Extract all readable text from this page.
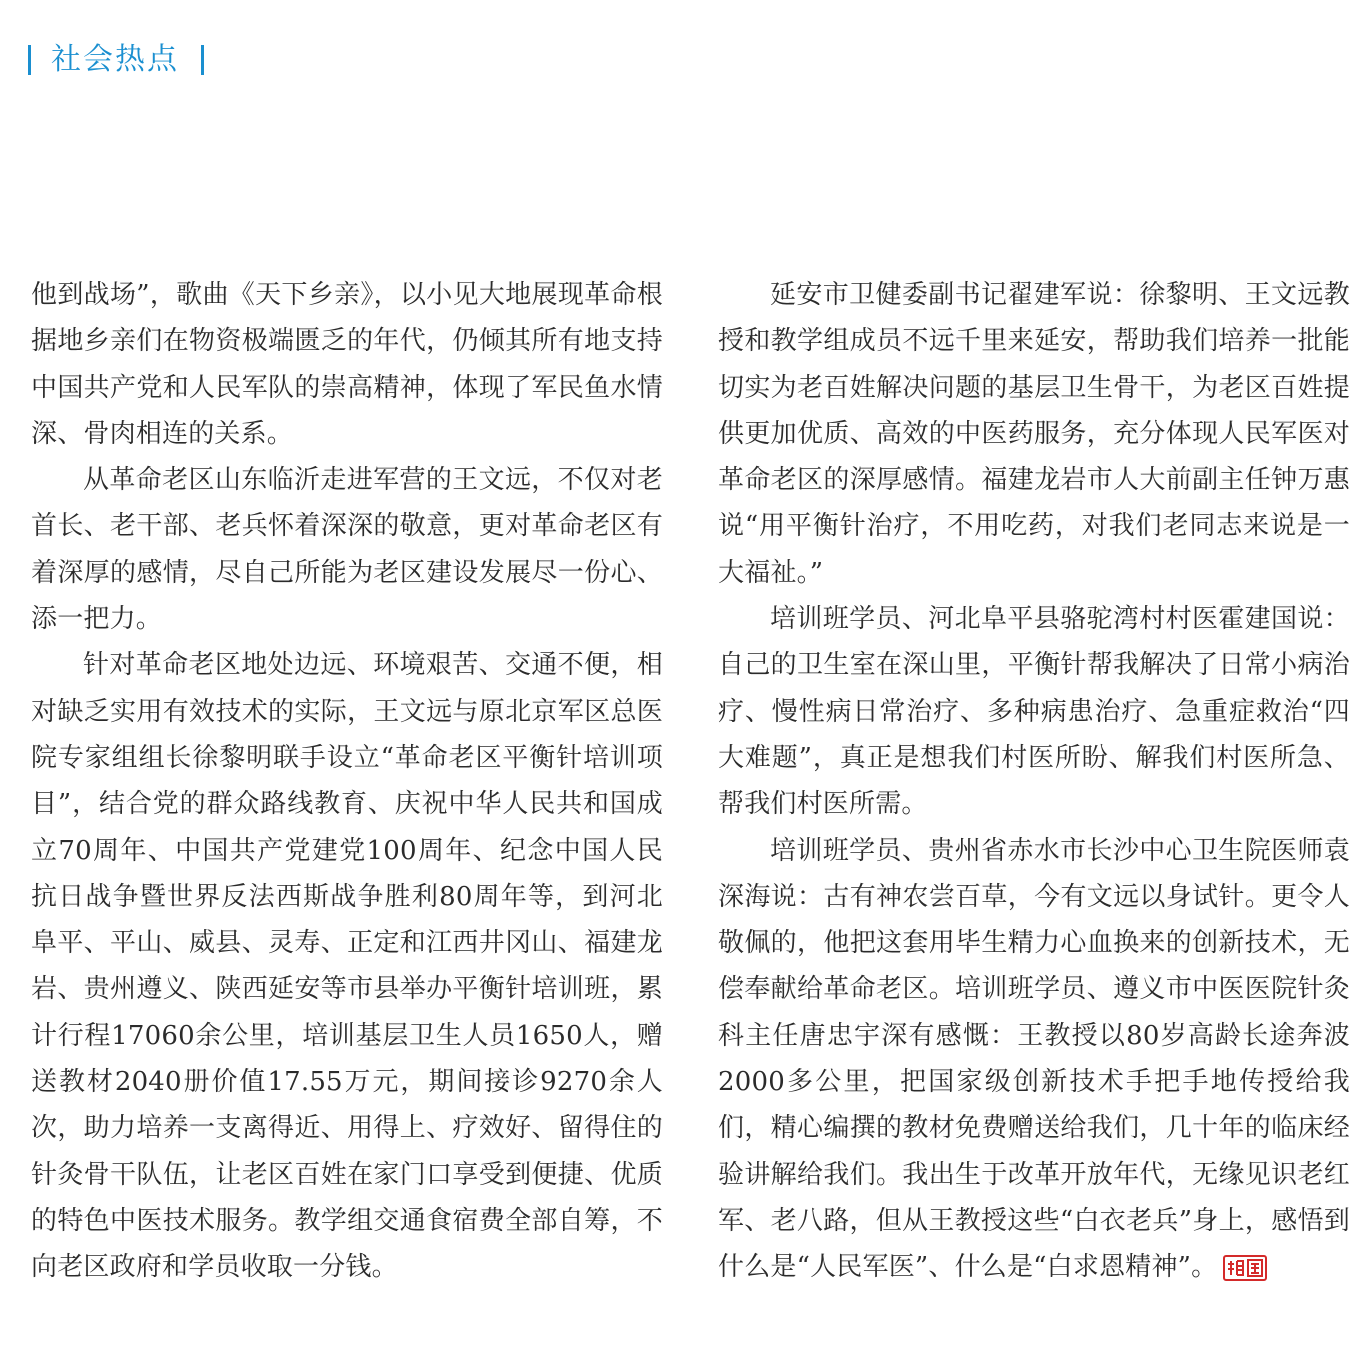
社会热点

他到战场”，歌曲《天下乡亲》，以小见大地展现革命根据地乡亲们在物资极端匮乏的年代，仍倾其所有地支持中国共产党和人民军队的崇高精神，体现了军民鱼水情深、骨肉相连的关系。

从革命老区山东临沂走进军营的王文远，不仅对老首长、老干部、老兵怀着深深的敬意，更对革命老区有着深厚的感情，尽自己所能为老区建设发展尽一份心、添一把力。

针对革命老区地处边远、环境艰苦、交通不便，相对缺乏实用有效技术的实际，王文远与原北京军区总医院专家组组长徐黎明联手设立“革命老区平衡针培训项目”，结合党的群众路线教育、庆祝中华人民共和国成立70周年、中国共产党建党100周年、纪念中国人民抗日战争暨世界反法西斯战争胜利80周年等，到河北阜平、平山、威县、灵寿、正定和江西井冈山、福建龙岩、贵州遵义、陕西延安等市县举办平衡针培训班，累计行程17060余公里，培训基层卫生人员1650人，赠送教材2040册价值17.55万元，期间接诊9270余人次，助力培养一支离得近、用得上、疗效好、留得住的针灸骨干队伍，让老区百姓在家门口享受到便捷、优质的特色中医技术服务。教学组交通食宿费全部自筹，不向老区政府和学员收取一分钱。

延安市卫健委副书记翟建军说：徐黎明、王文远教授和教学组成员不远千里来延安，帮助我们培养一批能切实为老百姓解决问题的基层卫生骨干，为老区百姓提供更加优质、高效的中医药服务，充分体现人民军医对革命老区的深厚感情。福建龙岩市人大前副主任钟万惠说“用平衡针治疗，不用吃药，对我们老同志来说是一大福祉。”

培训班学员、河北阜平县骆驼湾村村医霍建国说：自己的卫生室在深山里，平衡针帮我解决了日常小病治疗、慢性病日常治疗、多种病患治疗、急重症救治“四大难题”，真正是想我们村医所盼、解我们村医所急、帮我们村医所需。

培训班学员、贵州省赤水市长沙中心卫生院医师袁深海说：古有神农尝百草，今有文远以身试针。更令人敬佩的，他把这套用毕生精力心血换来的创新技术，无偿奉献给革命老区。培训班学员、遵义市中医医院针灸科主任唐忠宇深有感慨：王教授以80岁高龄长途奔波2000多公里，把国家级创新技术手把手地传授给我们，精心编撰的教材免费赠送给我们，几十年的临床经验讲解给我们。我出生于改革开放年代，无缘见识老红军、老八路，但从王教授这些“白衣老兵”身上，感悟到什么是“人民军医”、什么是“白求恩精神”。
